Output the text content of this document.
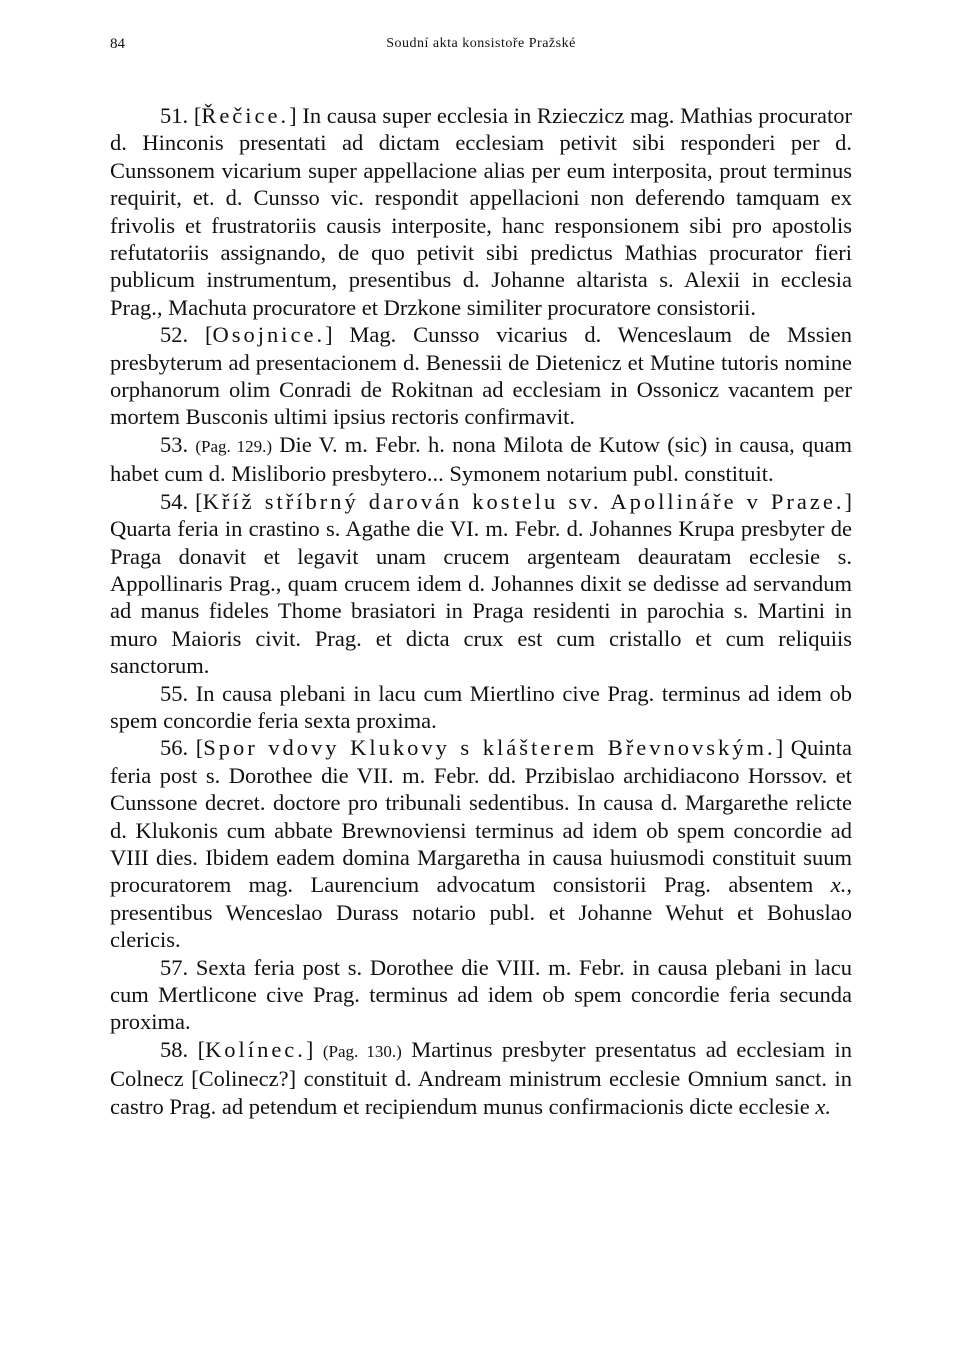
84	Soudní akta konsistoře Pražské

51. [Řečice.] In causa super ecclesia in Rzieczicz mag. Mathias procurator d. Hinconis presentati ad dictam ecclesiam petivit sibi responderi per d. Cunssonem vicarium super appellacione alias per eum interposita, prout terminus requirit, et. d. Cunsso vic. respondit appellacioni non deferendo tamquam ex frivolis et frustratoriis causis interposite, hanc responsionem sibi pro apostolis refutatoriis assignando, de quo petivit sibi predictus Mathias procurator fieri publicum instrumentum, presentibus d. Johanne altarista s. Alexii in ecclesia Prag., Machuta procuratore et Drzkone similiter procuratore consistorii.

52. [Osojnice.] Mag. Cunsso vicarius d. Wenceslaum de Mssien presbyterum ad presentacionem d. Benessii de Dietenicz et Mutine tutoris nomine orphanorum olim Conradi de Rokitnan ad ecclesiam in Ossonicz vacantem per mortem Busconis ultimi ipsius rectoris confirmavit.

53. (Pag. 129.) Die V. m. Febr. h. nona Milota de Kutow (sic) in causa, quam habet cum d. Misliborio presbytero... Symonem notarium publ. constituit.

54. [Kříž stříbrný darován kostelu sv. Apollináře v Praze.] Quarta feria in crastino s. Agathe die VI. m. Febr. d. Johannes Krupa presbyter de Praga donavit et legavit unam crucem argenteam deauratam ecclesie s. Appollinaris Prag., quam crucem idem d. Johannes dixit se dedisse ad servandum ad manus fideles Thome brasiatori in Praga residenti in parochia s. Martini in muro Maioris civit. Prag. et dicta crux est cum cristallo et cum reliquiis sanctorum.

55. In causa plebani in lacu cum Miertlino cive Prag. terminus ad idem ob spem concordie feria sexta proxima.

56. [Spor vdovy Klukovy s klášterem Břevnovským.] Quinta feria post s. Dorothee die VII. m. Febr. dd. Przibislao archidiacono Horssov. et Cunssone decret. doctore pro tribunali sedentibus. In causa d. Margarethe relicte d. Klukonis cum abbate Brewnoviensi terminus ad idem ob spem concordie ad VIII dies. Ibidem eadem domina Margaretha in causa huiusmodi constituit suum procuratorem mag. Laurencium advocatum consistorii Prag. absentem x., presentibus Wenceslao Durass notario publ. et Johanne Wehut et Bohuslao clericis.

57. Sexta feria post s. Dorothee die VIII. m. Febr. in causa plebani in lacu cum Mertlicone cive Prag. terminus ad idem ob spem concordie feria secunda proxima.

58. [Kolínec.] (Pag. 130.) Martinus presbyter presentatus ad ecclesiam in Colnecz [Colinecz?] constituit d. Andream ministrum ecclesie Omnium sanct. in castro Prag. ad petendum et recipiendum munus confirmacionis dicte ecclesie x.
